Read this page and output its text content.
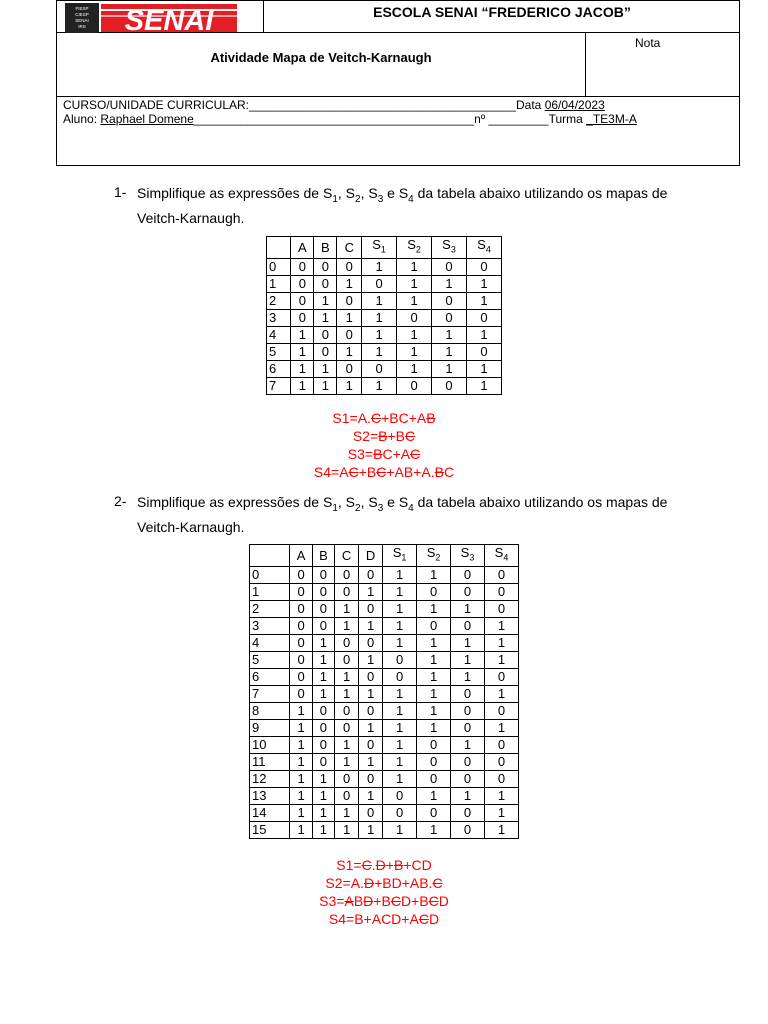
FIESP
CIESP
SENAI
IRS SENAI	ESCOLA SENAI “FREDERICO JACOB”
Atividade Mapa de Veitch-Karnaugh
Nota
CURSO/UNIDADE CURRICULAR:________________________________________Data 06/04/2023
Aluno: Raphael Domene__________________________________________nº _________Turma _TE3M-A
1- Simplifique as expressões de $S_1$, $S_2$, $S_3$ e $S_4$ da tabela abaixo utilizando os mapas de Veitch-Karnaugh.
	A	B	C	$S_1$	$S_2$	$S_3$	$S_4$
0	0	0	0	1	1	0	0
1	0	0	1	0	1	1	1
2	0	1	0	1	1	0	1
3	0	1	1	1	0	0	0
4	1	0	0	1	1	1	1
5	1	0	1	1	1	1	0
6	1	1	0	0	1	1	1
7	1	1	1	1	0	0	1
S1=A.C+BC+AB
S2=B+BC
S3=BC+AC
S4=AC+BC+AB+A.BC
2- Simplifique as expressões de $S_1$, $S_2$, $S_3$ e $S_4$ da tabela abaixo utilizando os mapas de Veitch-Karnaugh.
	A	B	C	D	$S_1$	$S_2$	$S_3$	$S_4$
0	0	0	0	0	1	1	0	0
1	0	0	0	1	1	0	0	0
2	0	0	1	0	1	1	1	0
3	0	0	1	1	1	0	0	1
4	0	1	0	0	1	1	1	1
5	0	1	0	1	0	1	1	1
6	0	1	1	0	0	1	1	0
7	0	1	1	1	1	1	0	1
8	1	0	0	0	1	1	0	0
9	1	0	0	1	1	1	0	1
10	1	0	1	0	1	0	1	0
11	1	0	1	1	1	0	0	0
12	1	1	0	0	1	0	0	0
13	1	1	0	1	0	1	1	1
14	1	1	1	0	0	0	0	1
15	1	1	1	1	1	1	0	1
S1=C.D+B+CD
S2=A.D+BD+AB.C
S3=ABD+BCD+BCD
S4=B+ACD+ACD
